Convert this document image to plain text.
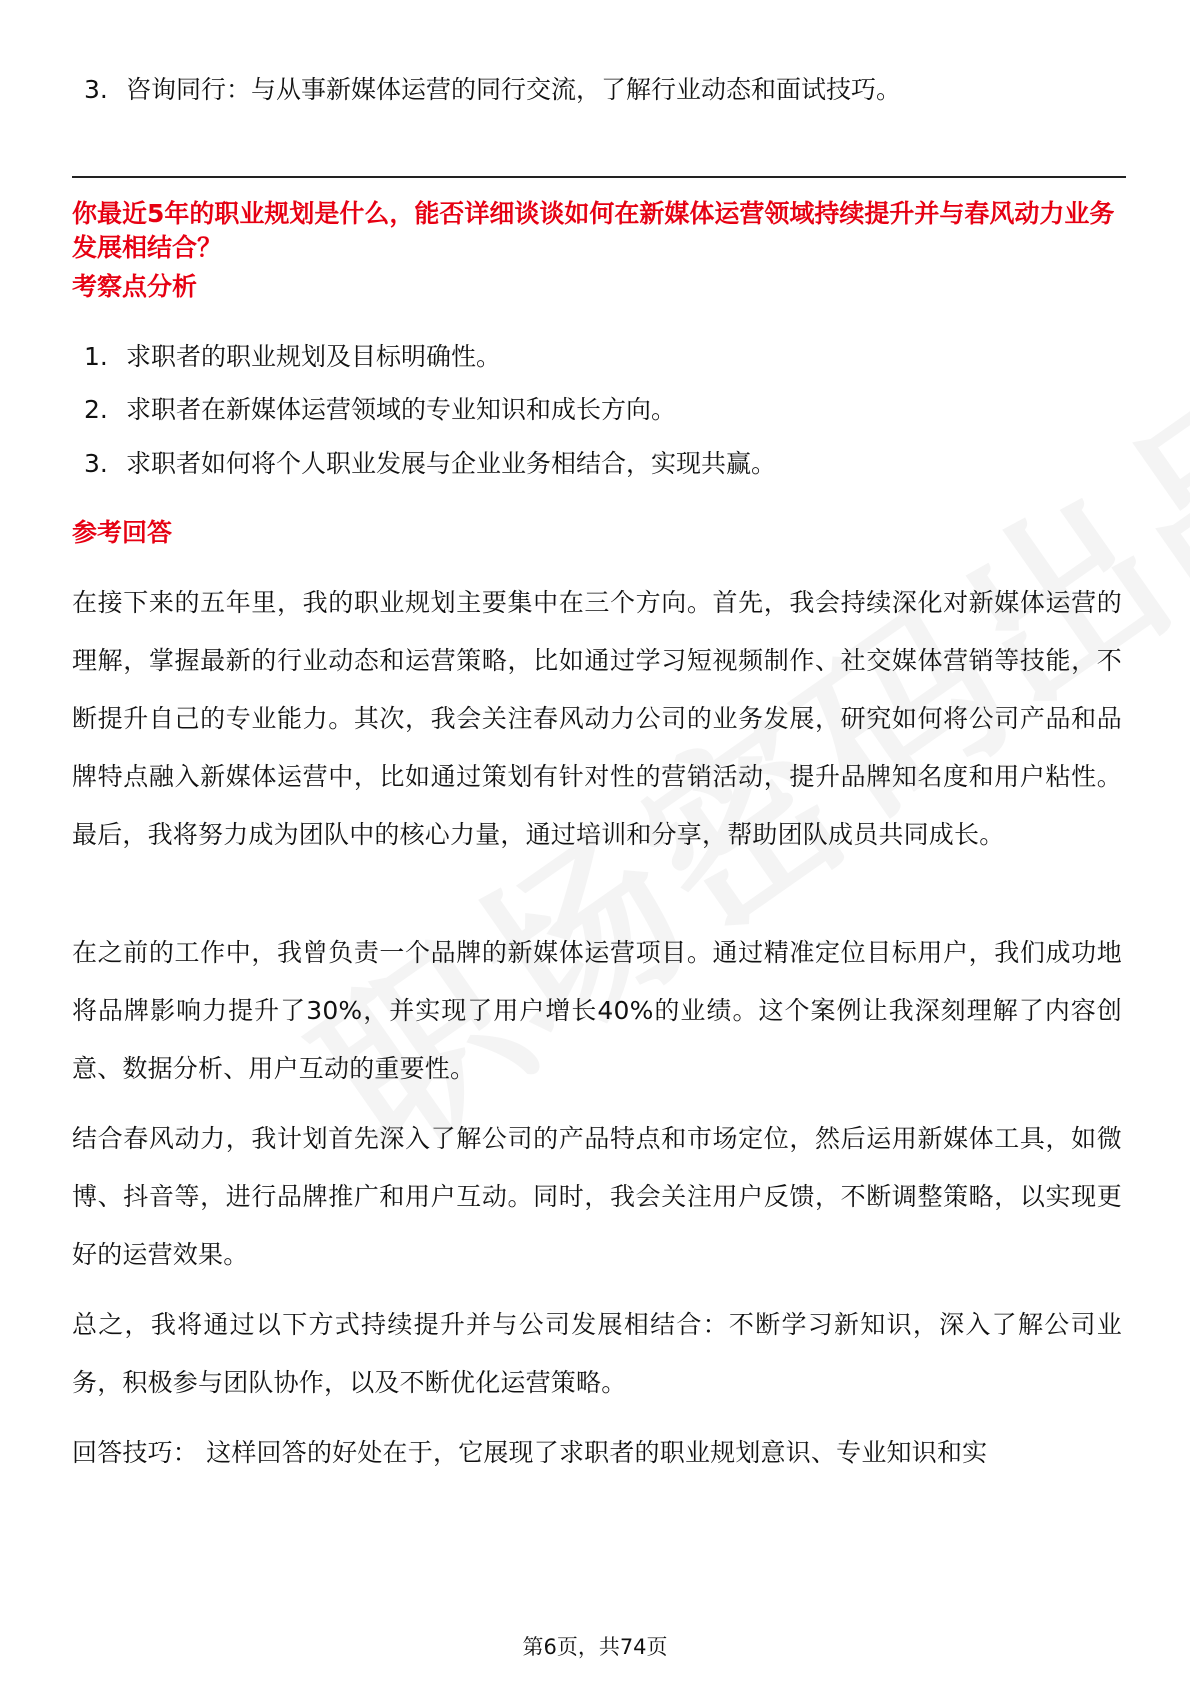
3. 咨询同行：与从事新媒体运营的同行交流，了解行业动态和面试技巧。
你最近5年的职业规划是什么，能否详细谈谈如何在新媒体运营领域持续提升并与春风动力业务发展相结合？
考察点分析
1. 求职者的职业规划及目标明确性。
2. 求职者在新媒体运营领域的专业知识和成长方向。
3. 求职者如何将个人职业发展与企业业务相结合，实现共赢。
参考回答
在接下来的五年里，我的职业规划主要集中在三个方向。首先，我会持续深化对新媒体运营的理解，掌握最新的行业动态和运营策略，比如通过学习短视频制作、社交媒体营销等技能，不断提升自己的专业能力。其次，我会关注春风动力公司的业务发展，研究如何将公司产品和品牌特点融入新媒体运营中，比如通过策划有针对性的营销活动，提升品牌知名度和用户粘性。最后，我将努力成为团队中的核心力量，通过培训和分享，帮助团队成员共同成长。
在之前的工作中，我曾负责一个品牌的新媒体运营项目。通过精准定位目标用户，我们成功地将品牌影响力提升了30%，并实现了用户增长40%的业绩。这个案例让我深刻理解了内容创意、数据分析、用户互动的重要性。
结合春风动力，我计划首先深入了解公司的产品特点和市场定位，然后运用新媒体工具，如微博、抖音等，进行品牌推广和用户互动。同时，我会关注用户反馈，不断调整策略，以实现更好的运营效果。
总之，我将通过以下方式持续提升并与公司发展相结合：不断学习新知识，深入了解公司业务，积极参与团队协作，以及不断优化运营策略。
回答技巧： 这样回答的好处在于，它展现了求职者的职业规划意识、专业知识和实
第6页，共74页
